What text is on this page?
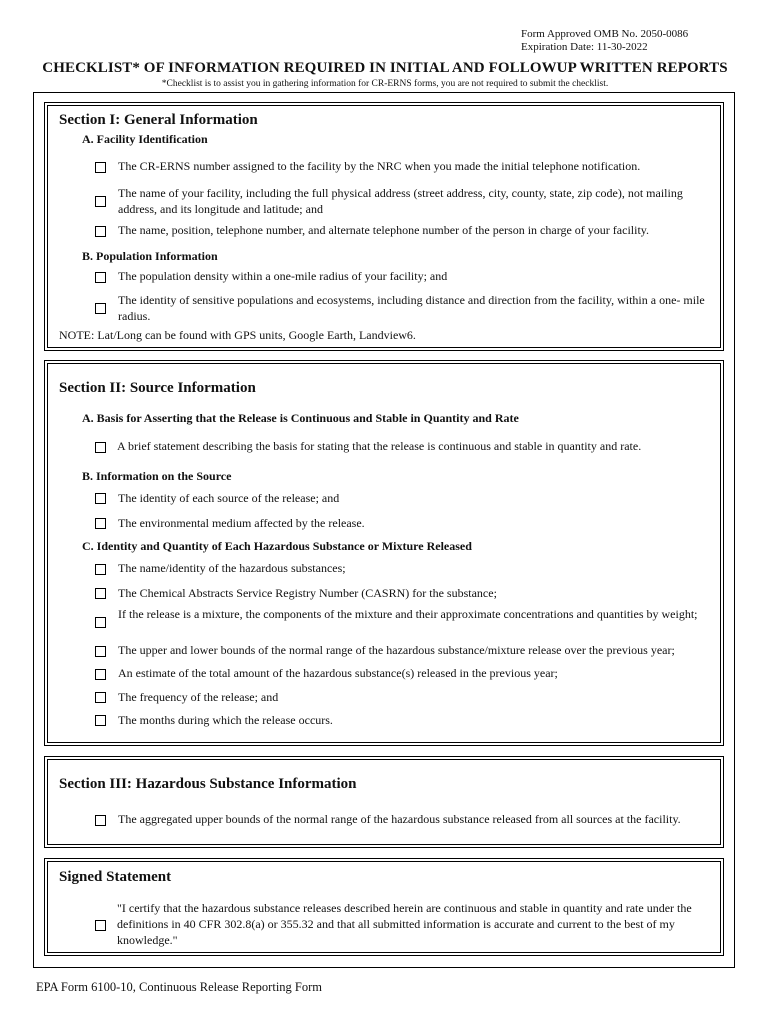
Form Approved OMB No. 2050-0086
Expiration Date: 11-30-2022
CHECKLIST* OF INFORMATION REQUIRED IN INITIAL AND FOLLOWUP WRITTEN REPORTS
*Checklist is to assist you in gathering information for CR-ERNS forms, you are not required to submit the checklist.
Section I: General Information
A. Facility Identification
The CR-ERNS number assigned to the facility by the NRC when you made the initial telephone notification.
The name of your facility, including the full physical address (street address, city, county, state, zip code), not mailing address, and its longitude and latitude; and
The name, position, telephone number, and alternate telephone number of the person in charge of your facility.
B. Population Information
The population density within a one-mile radius of your facility; and
The identity of sensitive populations and ecosystems, including distance and direction from the facility, within a one- mile radius.
NOTE: Lat/Long can be found with GPS units, Google Earth, Landview6.
Section II: Source Information
A. Basis for Asserting that the Release is Continuous and Stable in Quantity and Rate
A brief statement describing the basis for stating that the release is continuous and stable in quantity and rate.
B. Information on the Source
The identity of each source of the release; and
The environmental medium affected by the release.
C. Identity and Quantity of Each Hazardous Substance or Mixture Released
The name/identity of the hazardous substances;
The Chemical Abstracts Service Registry Number (CASRN) for the substance;
If the release is a mixture, the components of the mixture and their approximate concentrations and quantities by weight;
The upper and lower bounds of the normal range of the hazardous substance/mixture release over the previous year;
An estimate of the total amount of the hazardous substance(s) released in the previous year;
The frequency of the release; and
The months during which the release occurs.
Section III: Hazardous Substance Information
The aggregated upper bounds of the normal range of the hazardous substance released from all sources at the facility.
Signed Statement
"I certify that the hazardous substance releases described herein are continuous and stable in quantity and rate under the definitions in 40 CFR 302.8(a) or 355.32 and that all submitted information is accurate and current to the best of my knowledge."
EPA Form 6100-10, Continuous Release Reporting Form
